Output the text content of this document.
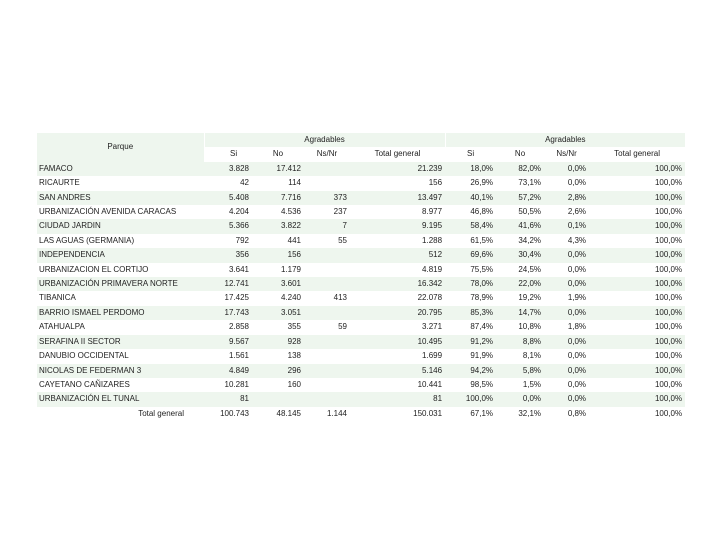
Parque	Agradables				Agradables			
	Si	No	Ns/Nr	Total general	Si	No	Ns/Nr	Total general
FAMACO	3.828	17.412		21.239	18,0%	82,0%	0,0%	100,0%
RICAURTE	42	114		156	26,9%	73,1%	0,0%	100,0%
SAN ANDRES	5.408	7.716	373	13.497	40,1%	57,2%	2,8%	100,0%
URBANIZACIÓN AVENIDA CARACAS	4.204	4.536	237	8.977	46,8%	50,5%	2,6%	100,0%
CIUDAD JARDIN	5.366	3.822	7	9.195	58,4%	41,6%	0,1%	100,0%
LAS AGUAS (GERMANIA)	792	441	55	1.288	61,5%	34,2%	4,3%	100,0%
INDEPENDENCIA	356	156		512	69,6%	30,4%	0,0%	100,0%
URBANIZACION EL CORTIJO	3.641	1.179		4.819	75,5%	24,5%	0,0%	100,0%
URBANIZACIÓN PRIMAVERA NORTE	12.741	3.601		16.342	78,0%	22,0%	0,0%	100,0%
TIBANICA	17.425	4.240	413	22.078	78,9%	19,2%	1,9%	100,0%
BARRIO ISMAEL PERDOMO	17.743	3.051		20.795	85,3%	14,7%	0,0%	100,0%
ATAHUALPA	2.858	355	59	3.271	87,4%	10,8%	1,8%	100,0%
SERAFINA II SECTOR	9.567	928		10.495	91,2%	8,8%	0,0%	100,0%
DANUBIO OCCIDENTAL	1.561	138		1.699	91,9%	8,1%	0,0%	100,0%
NICOLAS DE FEDERMAN 3	4.849	296		5.146	94,2%	5,8%	0,0%	100,0%
CAYETANO CAÑIZARES	10.281	160		10.441	98,5%	1,5%	0,0%	100,0%
URBANIZACIÓN EL TUNAL	81			81	100,0%	0,0%	0,0%	100,0%
Total general	100.743	48.145	1.144	150.031	67,1%	32,1%	0,8%	100,0%
